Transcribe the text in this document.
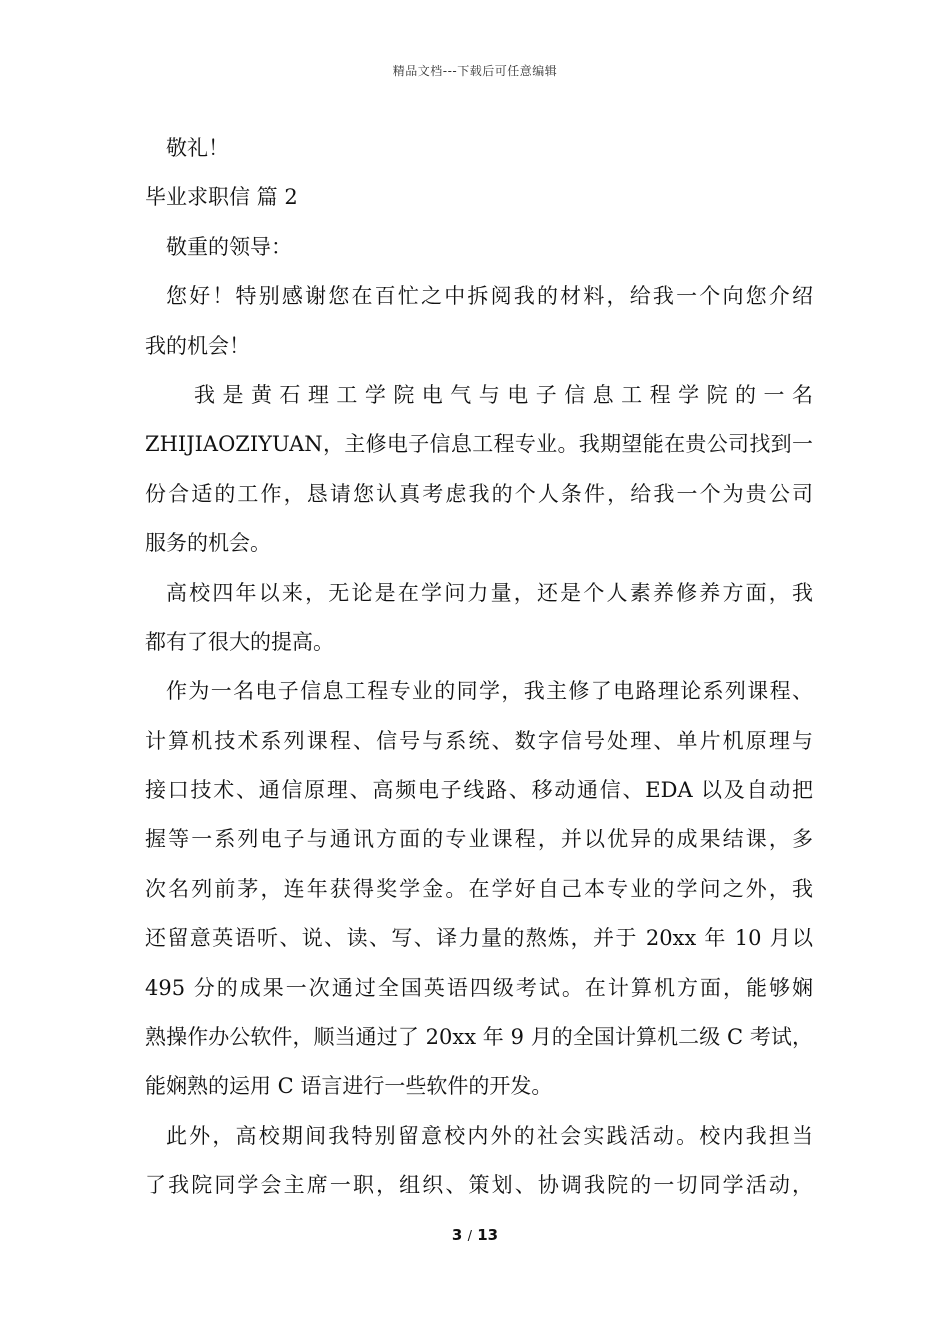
精品文档---下载后可任意编辑
敬礼！
毕业求职信 篇 2
敬重的领导：
您好！特别感谢您在百忙之中拆阅我的材料，给我一个向您介绍
我的机会！
我是黄石理工学院电气与电子信息工程学院的一名
ZHIJIAOZIYUAN，主修电子信息工程专业。我期望能在贵公司找到一
份合适的工作，恳请您认真考虑我的个人条件，给我一个为贵公司
服务的机会。
高校四年以来，无论是在学问力量，还是个人素养修养方面，我
都有了很大的提高。
作为一名电子信息工程专业的同学，我主修了电路理论系列课程、
计算机技术系列课程、信号与系统、数字信号处理、单片机原理与
接口技术、通信原理、高频电子线路、移动通信、EDA 以及自动把
握等一系列电子与通讯方面的专业课程，并以优异的成果结课，多
次名列前茅，连年获得奖学金。在学好自己本专业的学问之外，我
还留意英语听、说、读、写、译力量的熬炼，并于 20xx 年 10 月以
495 分的成果一次通过全国英语四级考试。在计算机方面，能够娴
熟操作办公软件，顺当通过了 20xx 年 9 月的全国计算机二级 C 考试，
能娴熟的运用 C 语言进行一些软件的开发。
此外，高校期间我特别留意校内外的社会实践活动。校内我担当
了我院同学会主席一职，组织、策划、协调我院的一切同学活动，
3 / 13
